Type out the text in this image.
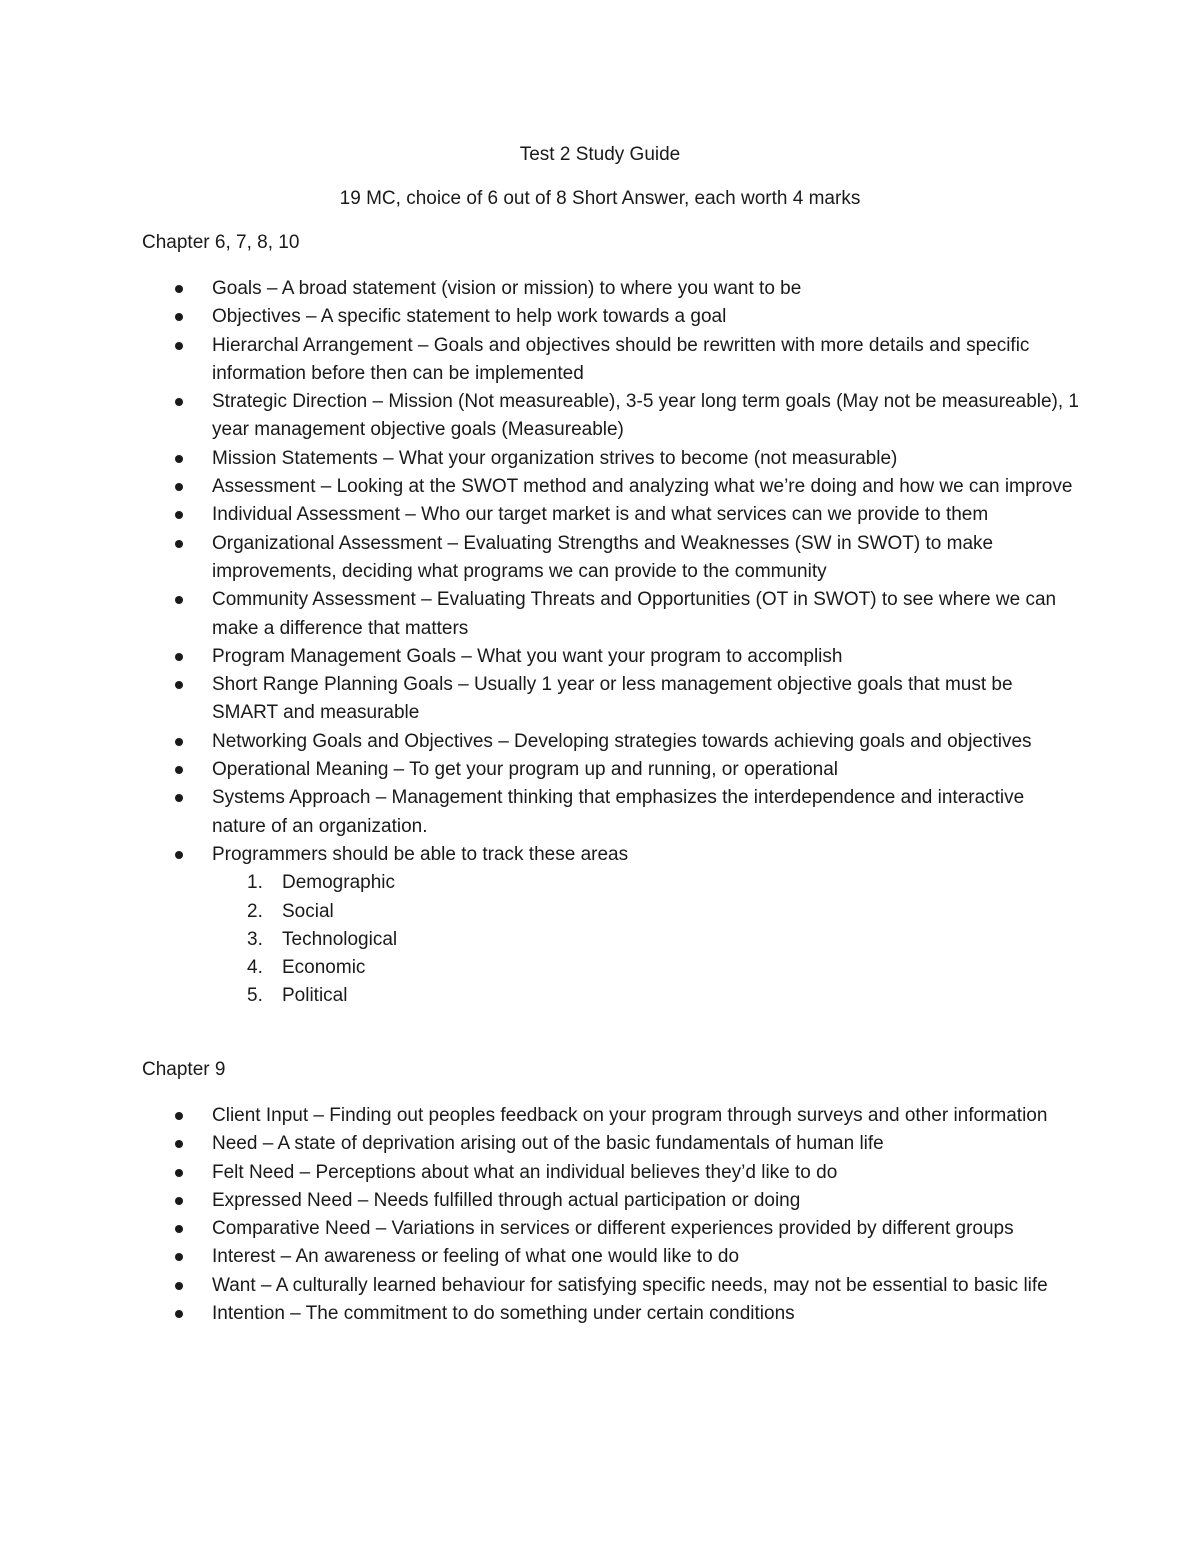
Test 2 Study Guide
19 MC, choice of 6 out of 8 Short Answer, each worth 4 marks
Chapter 6, 7, 8, 10
Goals – A broad statement (vision or mission) to where you want to be
Objectives – A specific statement to help work towards a goal
Hierarchal Arrangement – Goals and objectives should be rewritten with more details and specific information before then can be implemented
Strategic Direction – Mission (Not measureable), 3-5 year long term goals (May not be measureable), 1 year management objective goals (Measureable)
Mission Statements – What your organization strives to become (not measurable)
Assessment – Looking at the SWOT method and analyzing what we’re doing and how we can improve
Individual Assessment – Who our target market is and what services can we provide to them
Organizational Assessment – Evaluating Strengths and Weaknesses (SW in SWOT) to make improvements, deciding what programs we can provide to the community
Community Assessment – Evaluating Threats and Opportunities (OT in SWOT) to see where we can make a difference that matters
Program Management Goals – What you want your program to accomplish
Short Range Planning Goals – Usually 1 year or less management objective goals that must be SMART and measurable
Networking Goals and Objectives – Developing strategies towards achieving goals and objectives
Operational Meaning – To get your program up and running, or operational
Systems Approach – Management thinking that emphasizes the interdependence and interactive nature of an organization.
Programmers should be able to track these areas
1. Demographic
2. Social
3. Technological
4. Economic
5. Political
Chapter 9
Client Input – Finding out peoples feedback on your program through surveys and other information
Need – A state of deprivation arising out of the basic fundamentals of human life
Felt Need – Perceptions about what an individual believes they’d like to do
Expressed Need – Needs fulfilled through actual participation or doing
Comparative Need – Variations in services or different experiences provided by different groups
Interest – An awareness or feeling of what one would like to do
Want – A culturally learned behaviour for satisfying specific needs, may not be essential to basic life
Intention – The commitment to do something under certain conditions
